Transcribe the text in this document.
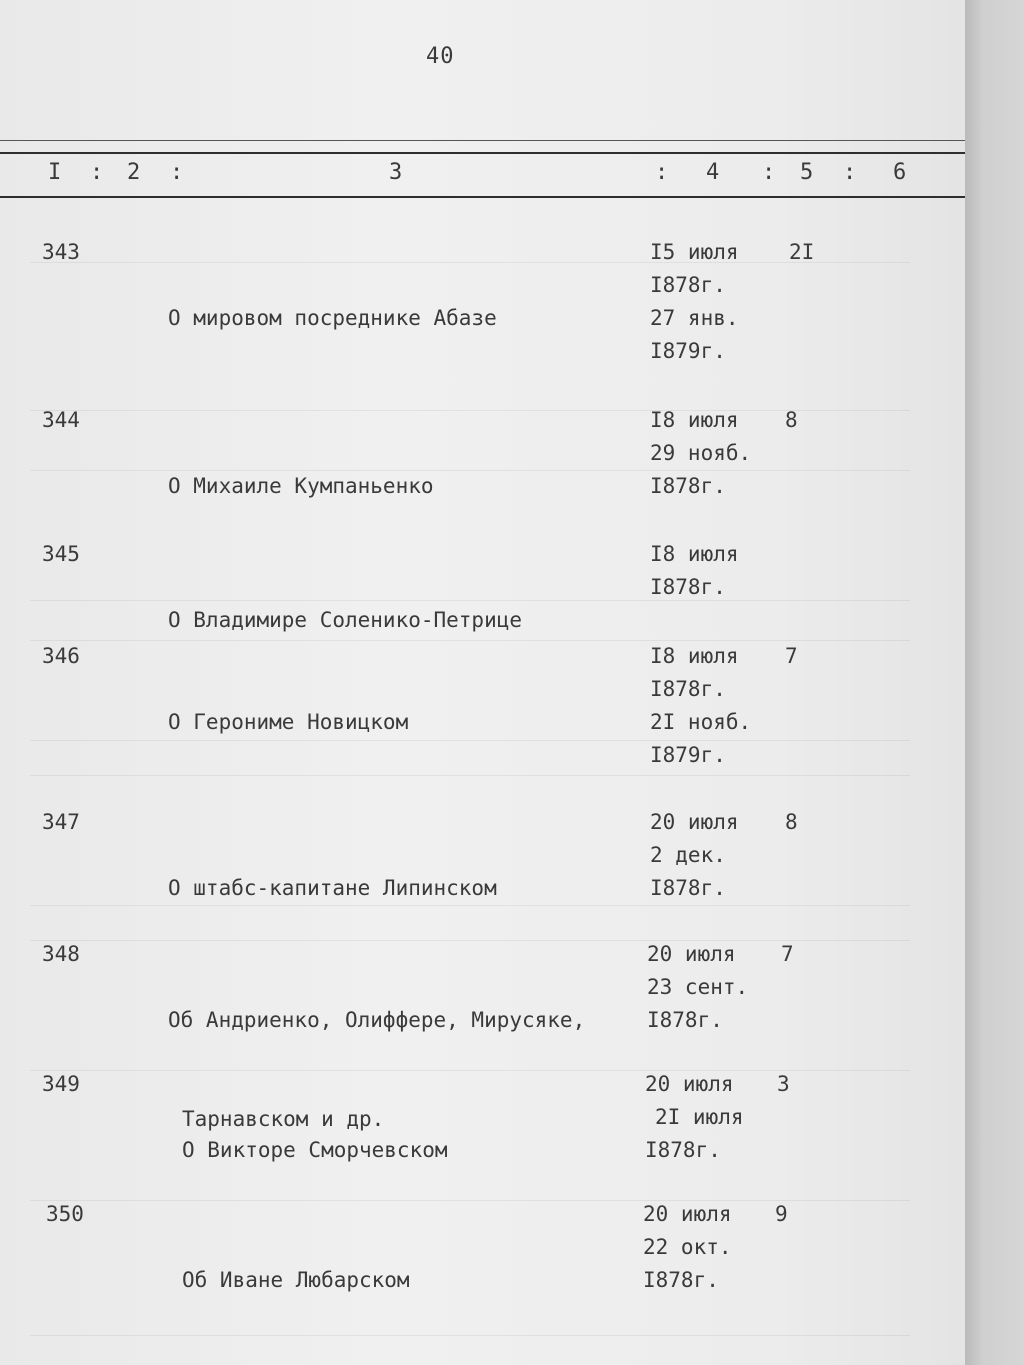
40
I : 2 :	3	: 4 : 5 : 6
343

О мировом посреднике Абазе

I5 июля
I878г.
27 янв.
I879г.
2I
344

О Михаиле Кумпаньенко

I8 июля
29 нояб.
I878г.
8
345

О Владимире Соленико-Петрице

I8 июля
I878г.
346

О Герониме Новицком

I8 июля
I878г.
2I нояб.
I879г.
7
347

О штабс-капитане Липинском

20 июля
2 дек.
I878г.
8
348

Об Андриенко, Олиффере, Мирусяке,

Тарнавском и др.

20 июля
23 сент.
I878г.
7
349

О Викторе Сморчевском

20 июля
2I июля
I878г.
3
350

Об Иване Любарском

20 июля
22 окт.
I878г.
9
